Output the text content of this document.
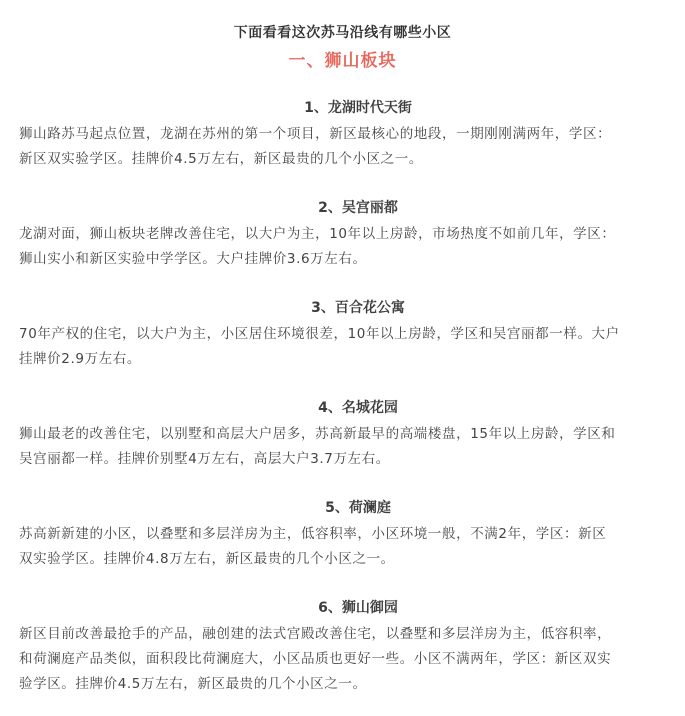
下面看看这次苏马沿线有哪些小区
一、狮山板块
1、龙湖时代天街

狮山路苏马起点位置，龙湖在苏州的第一个项目，新区最核心的地段，一期刚刚满两年，学区：
新区双实验学区。挂牌价4.5万左右，新区最贵的几个小区之一。

2、吴宫丽都

龙湖对面，狮山板块老牌改善住宅，以大户为主，10年以上房龄，市场热度不如前几年，学区：
狮山实小和新区实验中学学区。大户挂牌价3.6万左右。

3、百合花公寓

70年产权的住宅，以大户为主，小区居住环境很差，10年以上房龄，学区和吴宫丽都一样。大户
挂牌价2.9万左右。

4、名城花园

狮山最老的改善住宅，以别墅和高层大户居多，苏高新最早的高端楼盘，15年以上房龄，学区和
吴宫丽都一样。挂牌价别墅4万左右，高层大户3.7万左右。

5、荷澜庭

苏高新新建的小区，以叠墅和多层洋房为主，低容积率，小区环境一般，不满2年，学区：新区
双实验学区。挂牌价4.8万左右，新区最贵的几个小区之一。

6、狮山御园

新区目前改善最抢手的产品，融创建的法式宫殿改善住宅，以叠墅和多层洋房为主，低容积率，
和荷澜庭产品类似，面积段比荷澜庭大，小区品质也更好一些。小区不满两年，学区：新区双实
验学区。挂牌价4.5万左右，新区最贵的几个小区之一。
